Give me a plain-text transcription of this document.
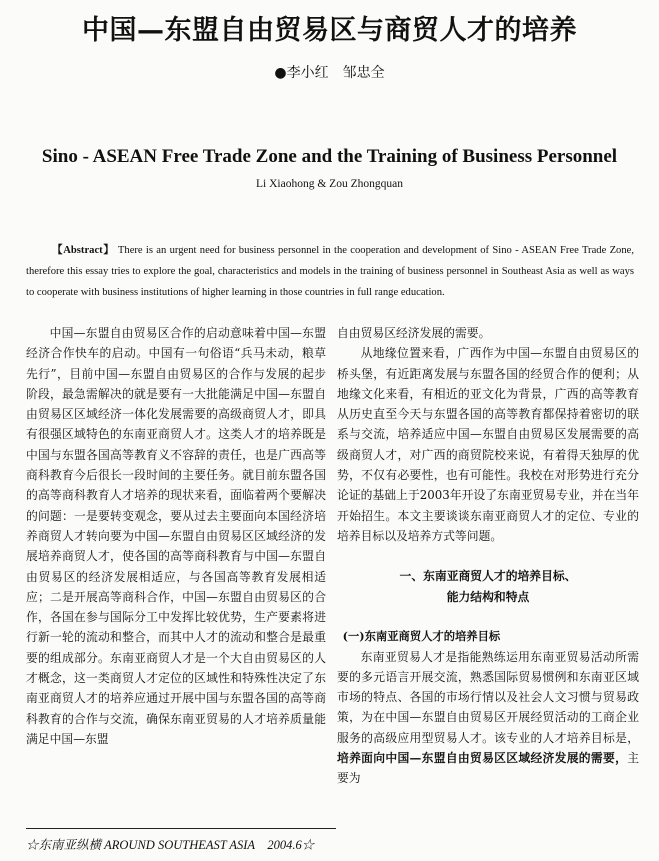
中国—东盟自由贸易区与商贸人才的培养
●李小红　邹忠全
Sino - ASEAN Free Trade Zone and the Training of Business Personnel
Li Xiaohong & Zou Zhongquan
【Abstract】 There is an urgent need for business personnel in the cooperation and development of Sino - ASEAN Free Trade Zone, therefore this essay tries to explore the goal, characteristics and models in the training of business personnel in Southeast Asia as well as ways to cooperate with business institutions of higher learning in those countries in full range education.

中国—东盟自由贸易区合作的启动意味着中国—东盟经济合作快车的启动。中国有一句俗语“兵马未动，粮草先行”，目前中国—东盟自由贸易区的合作与发展的起步阶段，最急需解决的就是要有一大批能满足中国—东盟自由贸易区区域经济一体化发展需要的高级商贸人才，即具有很强区域特色的东南亚商贸人才。这类人才的培养既是中国与东盟各国高等教育义不容辞的责任，也是广西高等商科教育今后很长一段时间的主要任务。就目前东盟各国的高等商科教育人才培养的现状来看，面临着两个要解决的问题：一是要转变观念，要从过去主要面向本国经济培养商贸人才转向要为中国—东盟自由贸易区区域经济的发展培养商贸人才，使各国的高等商科教育与中国—东盟自由贸易区的经济发展相适应，与各国高等教育发展相适应；二是开展高等商科合作，中国—东盟自由贸易区的合作，各国在参与国际分工中发挥比较优势，生产要素将进行新一轮的流动和整合，而其中人才的流动和整合是最重要的组成部分。东南亚商贸人才是一个大自由贸易区的人才概念，这一类商贸人才定位的区域性和特殊性决定了东南亚商贸人才的培养应通过开展中国与东盟各国的高等商科教育的合作与交流，确保东南亚贸易的人才培养质量能满足中国—东盟

自由贸易区经济发展的需要。

从地缘位置来看，广西作为中国—东盟自由贸易区的桥头堡，有近距离发展与东盟各国的经贸合作的便利；从地缘文化来看，有相近的亚文化为背景，广西的高等教育从历史直至今天与东盟各国的高等教育都保持着密切的联系与交流，培养适应中国—东盟自由贸易区发展需要的高级商贸人才，对广西的商贸院校来说，有着得天独厚的优势，不仅有必要性，也有可能性。我校在对形势进行充分论证的基础上于2003年开设了东南亚贸易专业，并在当年开始招生。本文主要谈谈东南亚商贸人才的定位、专业的培养目标以及培养方式等问题。

一、东南亚商贸人才的培养目标、
能力结构和特点
(一)东南亚商贸人才的培养目标

东南亚贸易人才是指能熟练运用东南亚贸易活动所需要的多元语言开展交流，熟悉国际贸易惯例和东南亚区域市场的特点、各国的市场行情以及社会人文习惯与贸易政策，为在中国—东盟自由贸易区开展经贸活动的工商企业服务的高级应用型贸易人才。该专业的人才培养目标是，培养面向中国—东盟自由贸易区区域经济发展的需要，主要为

☆东南亚纵横 AROUND SOUTHEAST ASIA　2004.6☆
